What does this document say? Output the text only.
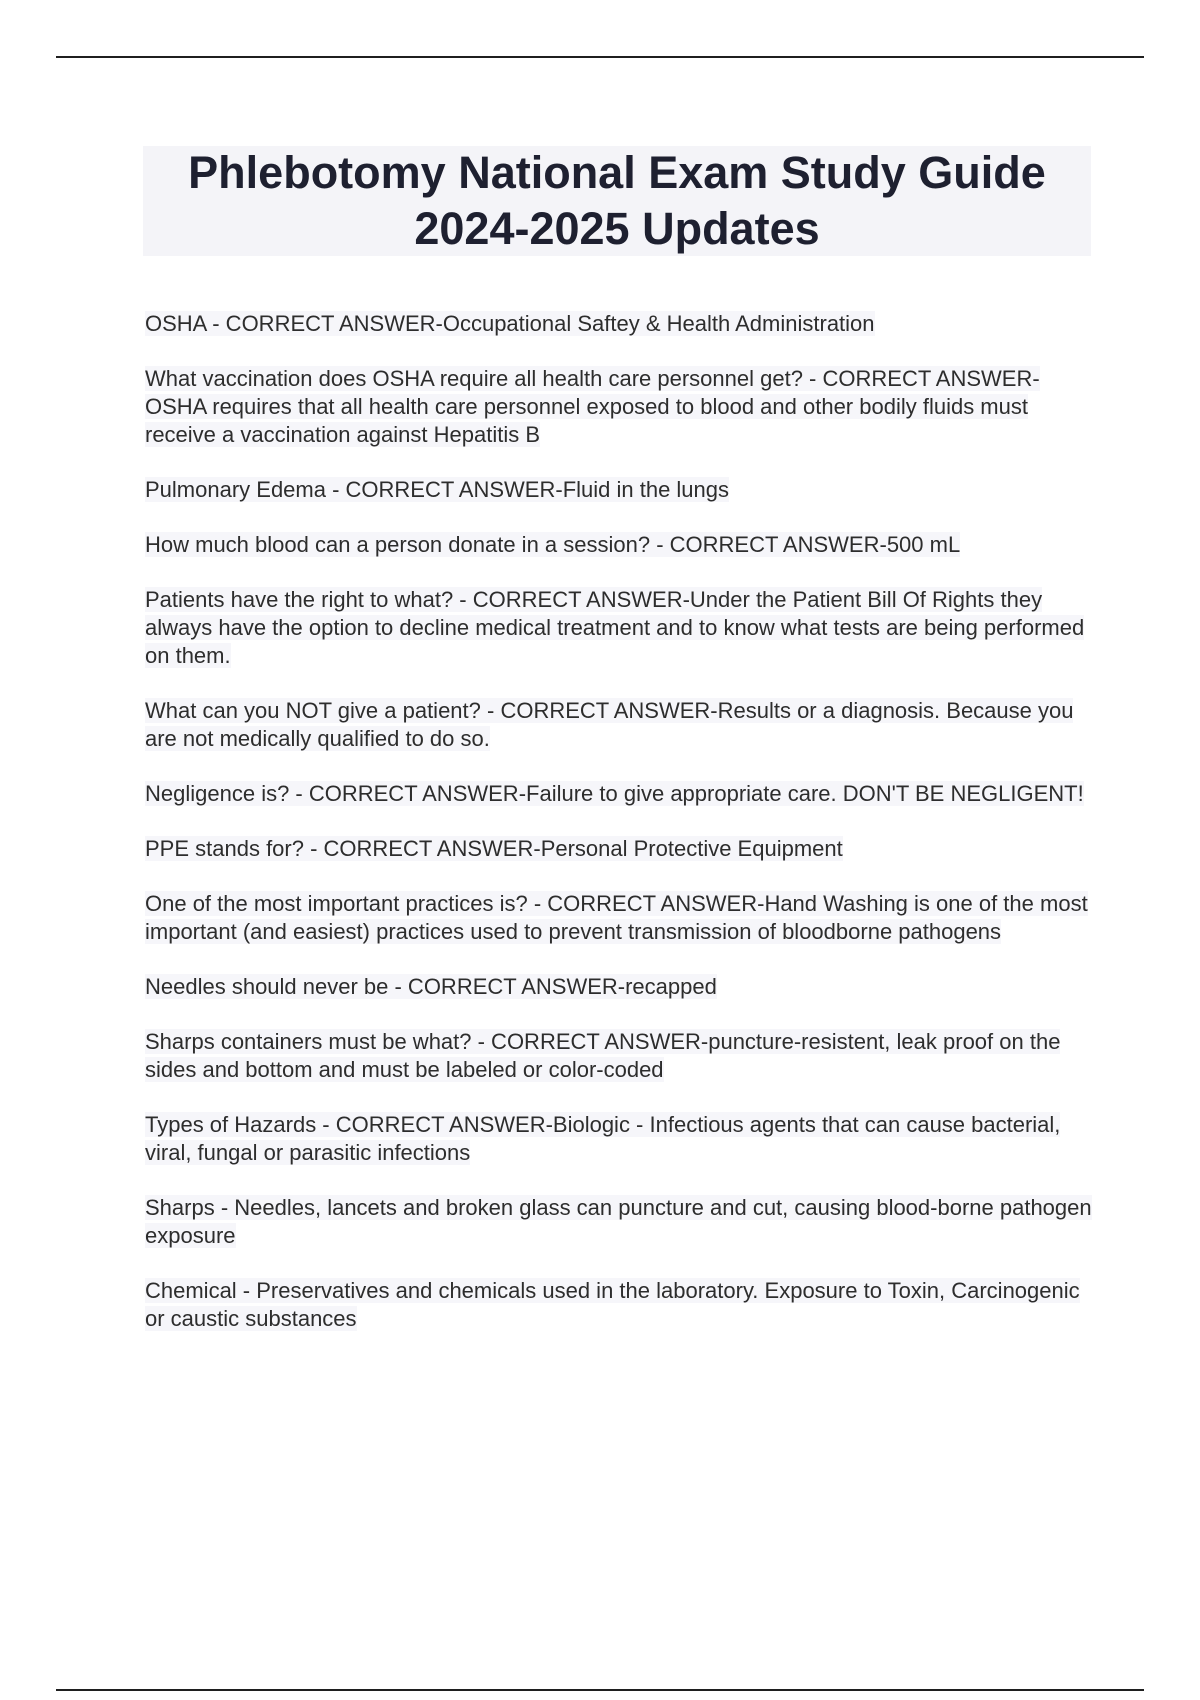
Phlebotomy National Exam Study Guide
2024-2025 Updates
OSHA - CORRECT ANSWER-Occupational Saftey & Health Administration
What vaccination does OSHA require all health care personnel get? - CORRECT ANSWER-OSHA requires that all health care personnel exposed to blood and other bodily fluids must receive a vaccination against Hepatitis B
Pulmonary Edema - CORRECT ANSWER-Fluid in the lungs
How much blood can a person donate in a session? - CORRECT ANSWER-500 mL
Patients have the right to what? - CORRECT ANSWER-Under the Patient Bill Of Rights they always have the option to decline medical treatment and to know what tests are being performed on them.
What can you NOT give a patient? - CORRECT ANSWER-Results or a diagnosis. Because you are not medically qualified to do so.
Negligence is? - CORRECT ANSWER-Failure to give appropriate care. DON'T BE NEGLIGENT!
PPE stands for? - CORRECT ANSWER-Personal Protective Equipment
One of the most important practices is? - CORRECT ANSWER-Hand Washing is one of the most important (and easiest) practices used to prevent transmission of bloodborne pathogens
Needles should never be - CORRECT ANSWER-recapped
Sharps containers must be what? - CORRECT ANSWER-puncture-resistent, leak proof on the sides and bottom and must be labeled or color-coded
Types of Hazards - CORRECT ANSWER-Biologic - Infectious agents that can cause bacterial, viral, fungal or parasitic infections
Sharps - Needles, lancets and broken glass can puncture and cut, causing blood-borne pathogen exposure
Chemical - Preservatives and chemicals used in the laboratory. Exposure to Toxin, Carcinogenic or caustic substances
